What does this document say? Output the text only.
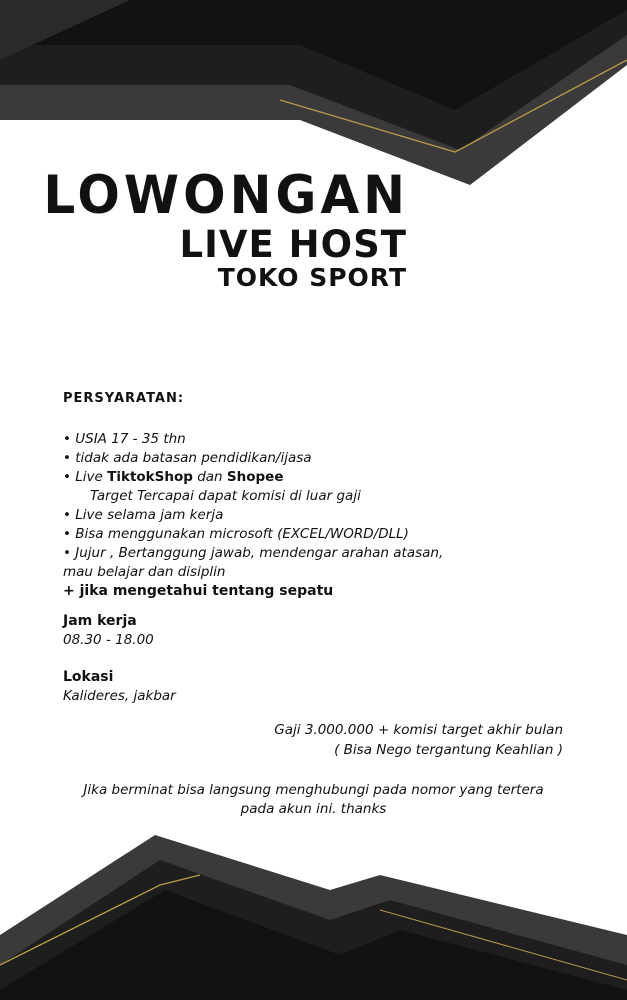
LOWONGAN
LIVE HOST
TOKO SPORT
PERSYARATAN:
• USIA 17 - 35 thn
• tidak ada batasan pendidikan/ijasa
• Live TiktokShop dan Shopee
Target Tercapai dapat komisi di luar gaji
• Live selama jam kerja
• Bisa menggunakan microsoft (EXCEL/WORD/DLL)
• Jujur , Bertanggung jawab, mendengar arahan atasan,
mau belajar dan disiplin
+ jika mengetahui tentang sepatu
Jam kerja
08.30 - 18.00
Lokasi
Kalideres, jakbar
Gaji 3.000.000 + komisi target akhir bulan
( Bisa Nego tergantung Keahlian )
Jika berminat bisa langsung menghubungi pada nomor yang tertera
pada akun ini. thanks
